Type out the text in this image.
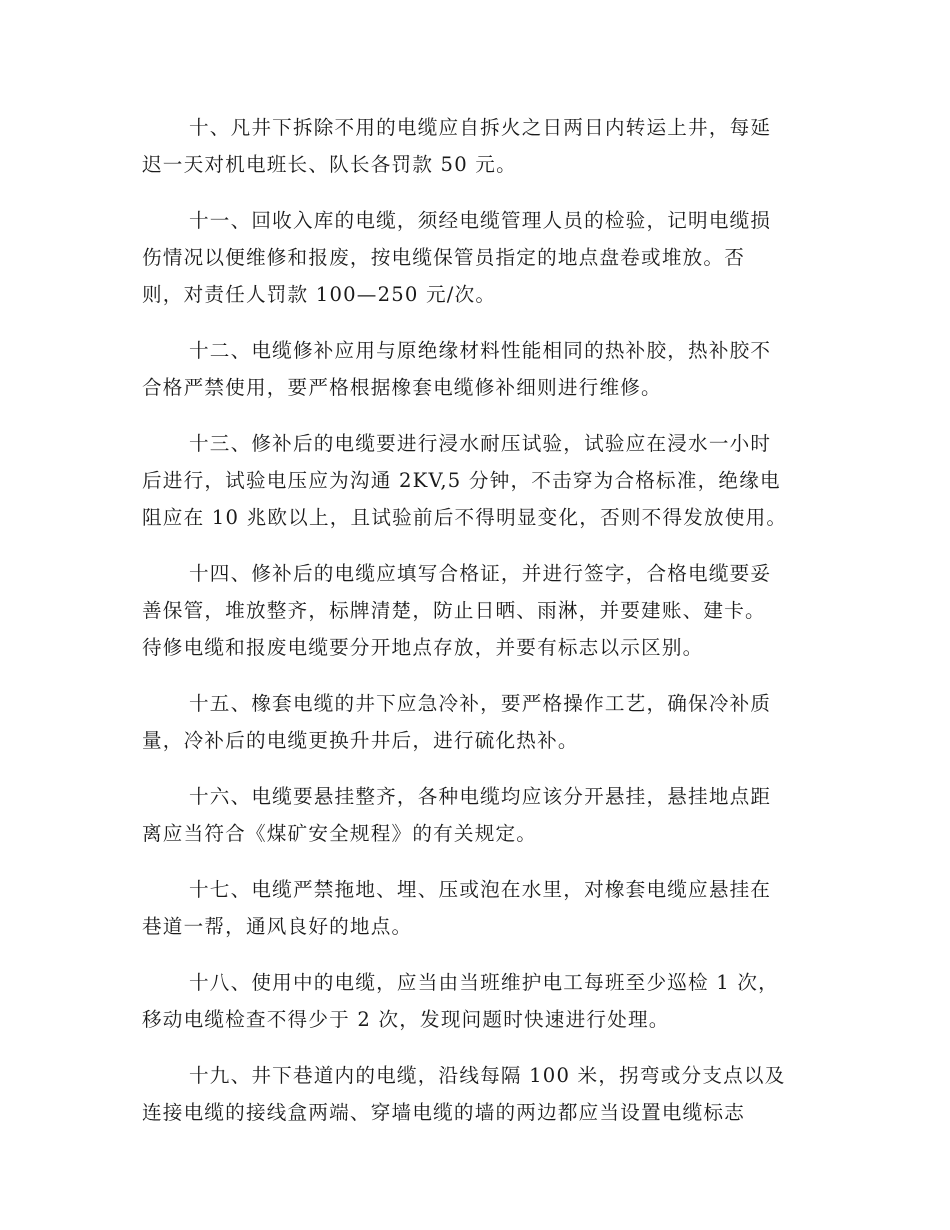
十、凡井下拆除不用的电缆应自拆火之日两日内转运上井，每延
迟一天对机电班长、队长各罚款 50 元。

十一、回收入库的电缆，须经电缆管理人员的检验，记明电缆损
伤情况以便维修和报废，按电缆保管员指定的地点盘卷或堆放。否
则，对责任人罚款 100—250 元/次。

十二、电缆修补应用与原绝缘材料性能相同的热补胶，热补胶不
合格严禁使用，要严格根据橡套电缆修补细则进行维修。

十三、修补后的电缆要进行浸水耐压试验，试验应在浸水一小时
后进行，试验电压应为沟通 2KV,5 分钟，不击穿为合格标准，绝缘电
阻应在 10 兆欧以上，且试验前后不得明显变化，否则不得发放使用。

十四、修补后的电缆应填写合格证，并进行签字，合格电缆要妥
善保管，堆放整齐，标牌清楚，防止日晒、雨淋，并要建账、建卡。
待修电缆和报废电缆要分开地点存放，并要有标志以示区别。

十五、橡套电缆的井下应急冷补，要严格操作工艺，确保冷补质
量，冷补后的电缆更换升井后，进行硫化热补。

十六、电缆要悬挂整齐，各种电缆均应该分开悬挂，悬挂地点距
离应当符合《煤矿安全规程》的有关规定。

十七、电缆严禁拖地、埋、压或泡在水里，对橡套电缆应悬挂在
巷道一帮，通风良好的地点。

十八、使用中的电缆，应当由当班维护电工每班至少巡检 1 次，
移动电缆检查不得少于 2 次，发现问题时快速进行处理。

十九、井下巷道内的电缆，沿线每隔 100 米，拐弯或分支点以及
连接电缆的接线盒两端、穿墙电缆的墙的两边都应当设置电缆标志
